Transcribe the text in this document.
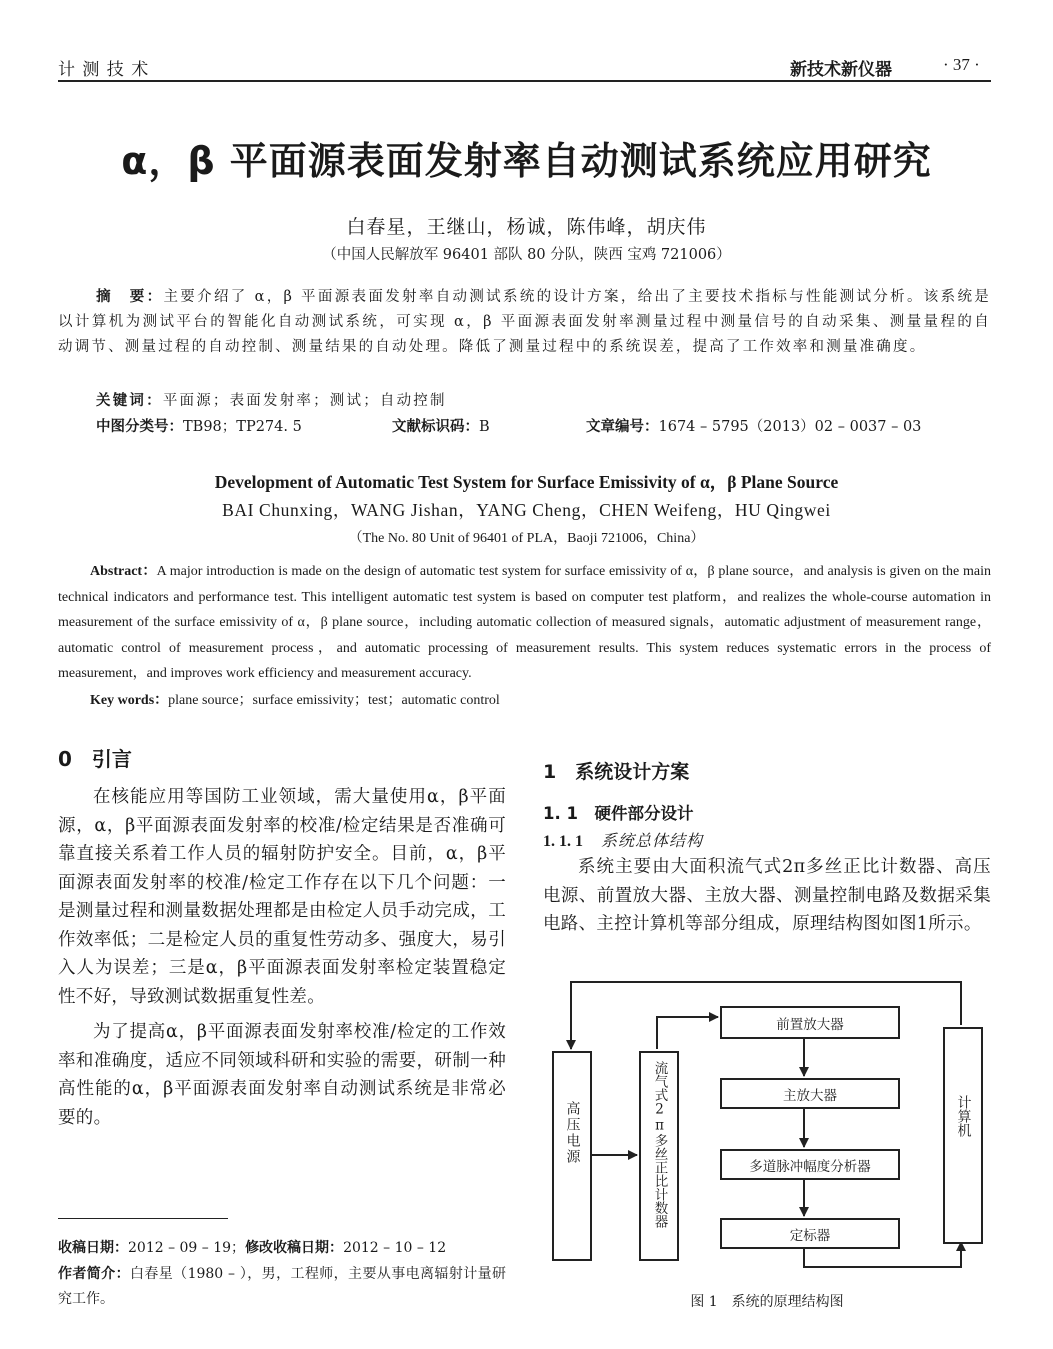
计 测 技 术	新技术新仪器	· 37 ·
α，β 平面源表面发射率自动测试系统应用研究
白春星，王继山，杨诚，陈伟峰，胡庆伟
（中国人民解放军 96401 部队 80 分队，陕西 宝鸡 721006）
摘　要：主要介绍了 α，β 平面源表面发射率自动测试系统的设计方案，给出了主要技术指标与性能测试分析。该系统是以计算机为测试平台的智能化自动测试系统，可实现 α，β 平面源表面发射率测量过程中测量信号的自动采集、测量量程的自动调节、测量过程的自动控制、测量结果的自动处理。降低了测量过程中的系统误差，提高了工作效率和测量准确度。
关键词：平面源；表面发射率；测试；自动控制
中图分类号：TB98；TP274. 5	文献标识码：B	文章编号：1674 – 5795（2013）02 – 0037 – 03
Development of Automatic Test System for Surface Emissivity of α，β Plane Source
BAI Chunxing，WANG Jishan，YANG Cheng，CHEN Weifeng，HU Qingwei
（The No. 80 Unit of 96401 of PLA，Baoji 721006，China）
Abstract：A major introduction is made on the design of automatic test system for surface emissivity of α，β plane source，and analysis is given on the main technical indicators and performance test. This intelligent automatic test system is based on computer test platform，and realizes the whole-course automation in measurement of the surface emissivity of α，β plane source，including automatic collection of measured signals，automatic adjustment of measurement range，automatic control of measurement process，and automatic processing of measurement results. This system reduces systematic errors in the process of measurement，and improves work efficiency and measurement accuracy.
Key words：plane source；surface emissivity；test；automatic control
0　引言

在核能应用等国防工业领域，需大量使用α，β平面源，α，β平面源表面发射率的校准/检定结果是否准确可靠直接关系着工作人员的辐射防护安全。目前，α，β平面源表面发射率的校准/检定工作存在以下几个问题：一是测量过程和测量数据处理都是由检定人员手动完成，工作效率低；二是检定人员的重复性劳动多、强度大，易引入人为误差；三是α，β平面源表面发射率检定装置稳定性不好，导致测试数据重复性差。

为了提高α，β平面源表面发射率校准/检定的工作效率和准确度，适应不同领域科研和实验的需要，研制一种高性能的α，β平面源表面发射率自动测试系统是非常必要的。

收稿日期：2012 – 09 – 19；修改收稿日期：2012 – 10 – 12
作者简介：白春星（1980 – ），男，工程师，主要从事电离辐射计量研究工作。
1　系统设计方案
1. 1　硬件部分设计
1. 1. 1 系统总体结构

系统主要由大面积流气式2π多丝正比计数器、高压电源、前置放大器、主放大器、测量控制电路及数据采集电路、主控计算机等部分组成，原理结构图如图1所示。

高压电源	流气式2π多丝正比计数器
前置放大器
主放大器
多道脉冲幅度分析器
定标器
计算机
图 1　系统的原理结构图
